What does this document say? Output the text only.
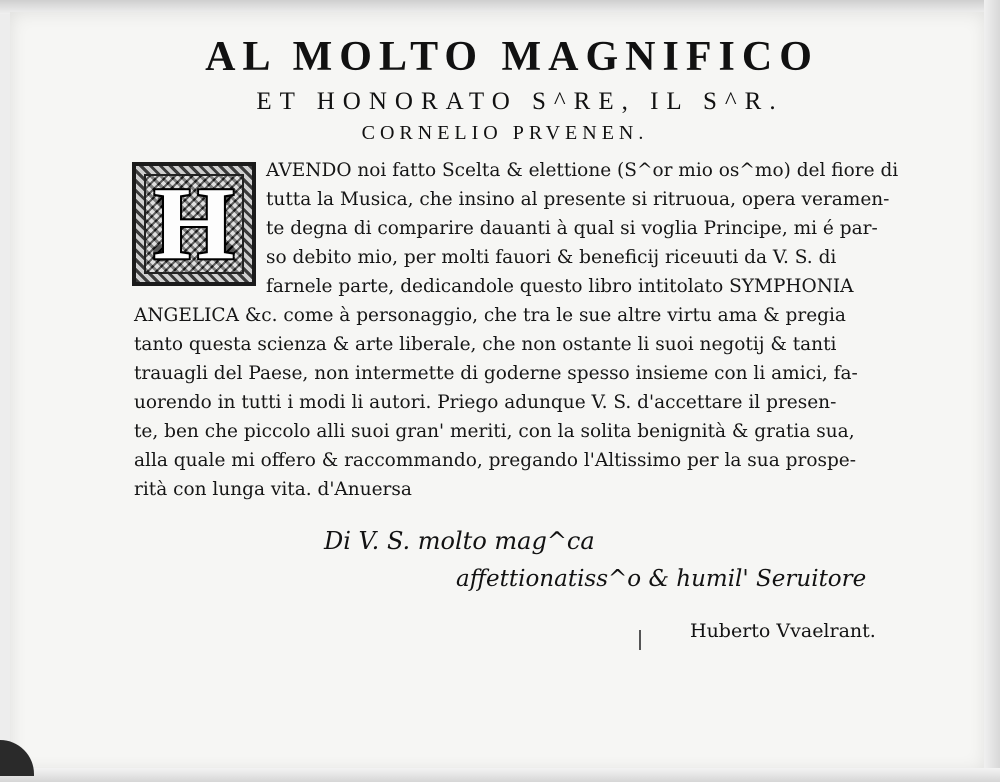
AL MOLTO MAGNIFICO
ET HONORATO S^RE, IL S^R.
CORNELIO PRVENEN.
H AVENDO noi fatto Scelta & elettione (S^or mio os^mo) del fiore di
tutta la Musica, che insino al presente si ritruoua, opera veramen-
te degna di comparire dauanti à qual si voglia Principe, mi é par-
so debito mio, per molti fauori & beneficij riceuuti da V. S. di
farnele parte, dedicandole questo libro intitolato SYMPHONIA
ANGELICA &c. come à personaggio, che tra le sue altre virtu ama & pregia
tanto questa scienza & arte liberale, che non ostante li suoi negotij & tanti
trauagli del Paese, non intermette di goderne spesso insieme con li amici, fa-
uorendo in tutti i modi li autori. Priego adunque V. S. d'accettare il presen-
te, ben che piccolo alli suoi gran' meriti, con la solita benignità & gratia sua,
alla quale mi offero & raccommando, pregando l'Altissimo per la sua prospe-
rità con lunga vita. d'Anuersa
Di V. S. molto mag^ca
affettionatiss^o & humil' Seruitore
Huberto Vvaelrant.
